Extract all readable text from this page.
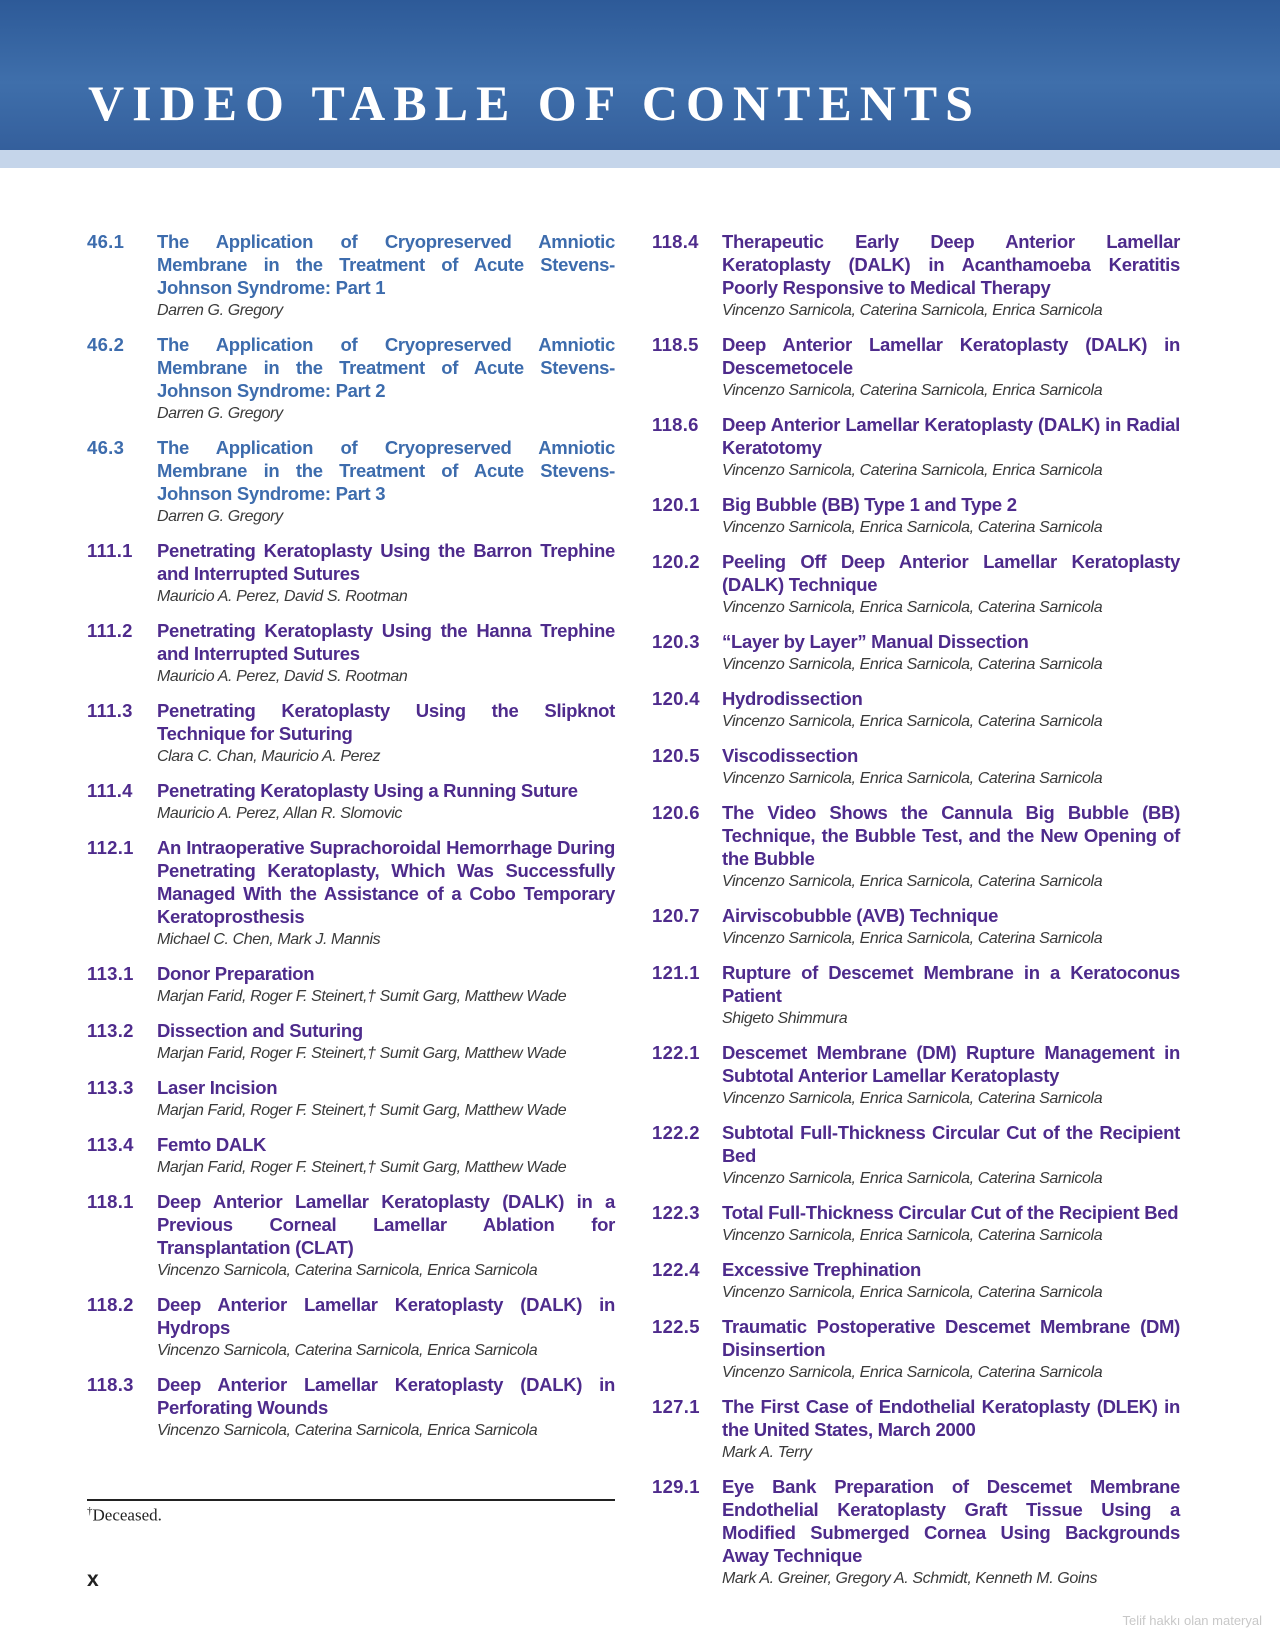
VIDEO TABLE OF CONTENTS
46.1	The Application of Cryopreserved Amniotic Membrane in the Treatment of Acute Stevens-Johnson Syndrome: Part 1
Darren G. Gregory
46.2	The Application of Cryopreserved Amniotic Membrane in the Treatment of Acute Stevens-Johnson Syndrome: Part 2
Darren G. Gregory
46.3	The Application of Cryopreserved Amniotic Membrane in the Treatment of Acute Stevens-Johnson Syndrome: Part 3
Darren G. Gregory
111.1	Penetrating Keratoplasty Using the Barron Trephine and Interrupted Sutures
Mauricio A. Perez, David S. Rootman
111.2	Penetrating Keratoplasty Using the Hanna Trephine and Interrupted Sutures
Mauricio A. Perez, David S. Rootman
111.3	Penetrating Keratoplasty Using the Slipknot Technique for Suturing
Clara C. Chan, Mauricio A. Perez
111.4	Penetrating Keratoplasty Using a Running Suture
Mauricio A. Perez, Allan R. Slomovic
112.1	An Intraoperative Suprachoroidal Hemorrhage During Penetrating Keratoplasty, Which Was Successfully Managed With the Assistance of a Cobo Temporary Keratoprosthesis
Michael C. Chen, Mark J. Mannis
113.1	Donor Preparation
Marjan Farid, Roger F. Steinert,† Sumit Garg, Matthew Wade
113.2	Dissection and Suturing
Marjan Farid, Roger F. Steinert,† Sumit Garg, Matthew Wade
113.3	Laser Incision
Marjan Farid, Roger F. Steinert,† Sumit Garg, Matthew Wade
113.4	Femto DALK
Marjan Farid, Roger F. Steinert,† Sumit Garg, Matthew Wade
118.1	Deep Anterior Lamellar Keratoplasty (DALK) in a Previous Corneal Lamellar Ablation for Transplantation (CLAT)
Vincenzo Sarnicola, Caterina Sarnicola, Enrica Sarnicola
118.2	Deep Anterior Lamellar Keratoplasty (DALK) in Hydrops
Vincenzo Sarnicola, Caterina Sarnicola, Enrica Sarnicola
118.3	Deep Anterior Lamellar Keratoplasty (DALK) in Perforating Wounds
Vincenzo Sarnicola, Caterina Sarnicola, Enrica Sarnicola
118.4	Therapeutic Early Deep Anterior Lamellar Keratoplasty (DALK) in Acanthamoeba Keratitis Poorly Responsive to Medical Therapy
Vincenzo Sarnicola, Caterina Sarnicola, Enrica Sarnicola
118.5	Deep Anterior Lamellar Keratoplasty (DALK) in Descemetocele
Vincenzo Sarnicola, Caterina Sarnicola, Enrica Sarnicola
118.6	Deep Anterior Lamellar Keratoplasty (DALK) in Radial Keratotomy
Vincenzo Sarnicola, Caterina Sarnicola, Enrica Sarnicola
120.1	Big Bubble (BB) Type 1 and Type 2
Vincenzo Sarnicola, Enrica Sarnicola, Caterina Sarnicola
120.2	Peeling Off Deep Anterior Lamellar Keratoplasty (DALK) Technique
Vincenzo Sarnicola, Enrica Sarnicola, Caterina Sarnicola
120.3	“Layer by Layer” Manual Dissection
Vincenzo Sarnicola, Enrica Sarnicola, Caterina Sarnicola
120.4	Hydrodissection
Vincenzo Sarnicola, Enrica Sarnicola, Caterina Sarnicola
120.5	Viscodissection
Vincenzo Sarnicola, Enrica Sarnicola, Caterina Sarnicola
120.6	The Video Shows the Cannula Big Bubble (BB) Technique, the Bubble Test, and the New Opening of the Bubble
Vincenzo Sarnicola, Enrica Sarnicola, Caterina Sarnicola
120.7	Airviscobubble (AVB) Technique
Vincenzo Sarnicola, Enrica Sarnicola, Caterina Sarnicola
121.1	Rupture of Descemet Membrane in a Keratoconus Patient
Shigeto Shimmura
122.1	Descemet Membrane (DM) Rupture Management in Subtotal Anterior Lamellar Keratoplasty
Vincenzo Sarnicola, Enrica Sarnicola, Caterina Sarnicola
122.2	Subtotal Full-Thickness Circular Cut of the Recipient Bed
Vincenzo Sarnicola, Enrica Sarnicola, Caterina Sarnicola
122.3	Total Full-Thickness Circular Cut of the Recipient Bed
Vincenzo Sarnicola, Enrica Sarnicola, Caterina Sarnicola
122.4	Excessive Trephination
Vincenzo Sarnicola, Enrica Sarnicola, Caterina Sarnicola
122.5	Traumatic Postoperative Descemet Membrane (DM) Disinsertion
Vincenzo Sarnicola, Enrica Sarnicola, Caterina Sarnicola
127.1	The First Case of Endothelial Keratoplasty (DLEK) in the United States, March 2000
Mark A. Terry
129.1	Eye Bank Preparation of Descemet Membrane Endothelial Keratoplasty Graft Tissue Using a Modified Submerged Cornea Using Backgrounds Away Technique
Mark A. Greiner, Gregory A. Schmidt, Kenneth M. Goins
†Deceased.
x
Telif hakkı olan materyal
